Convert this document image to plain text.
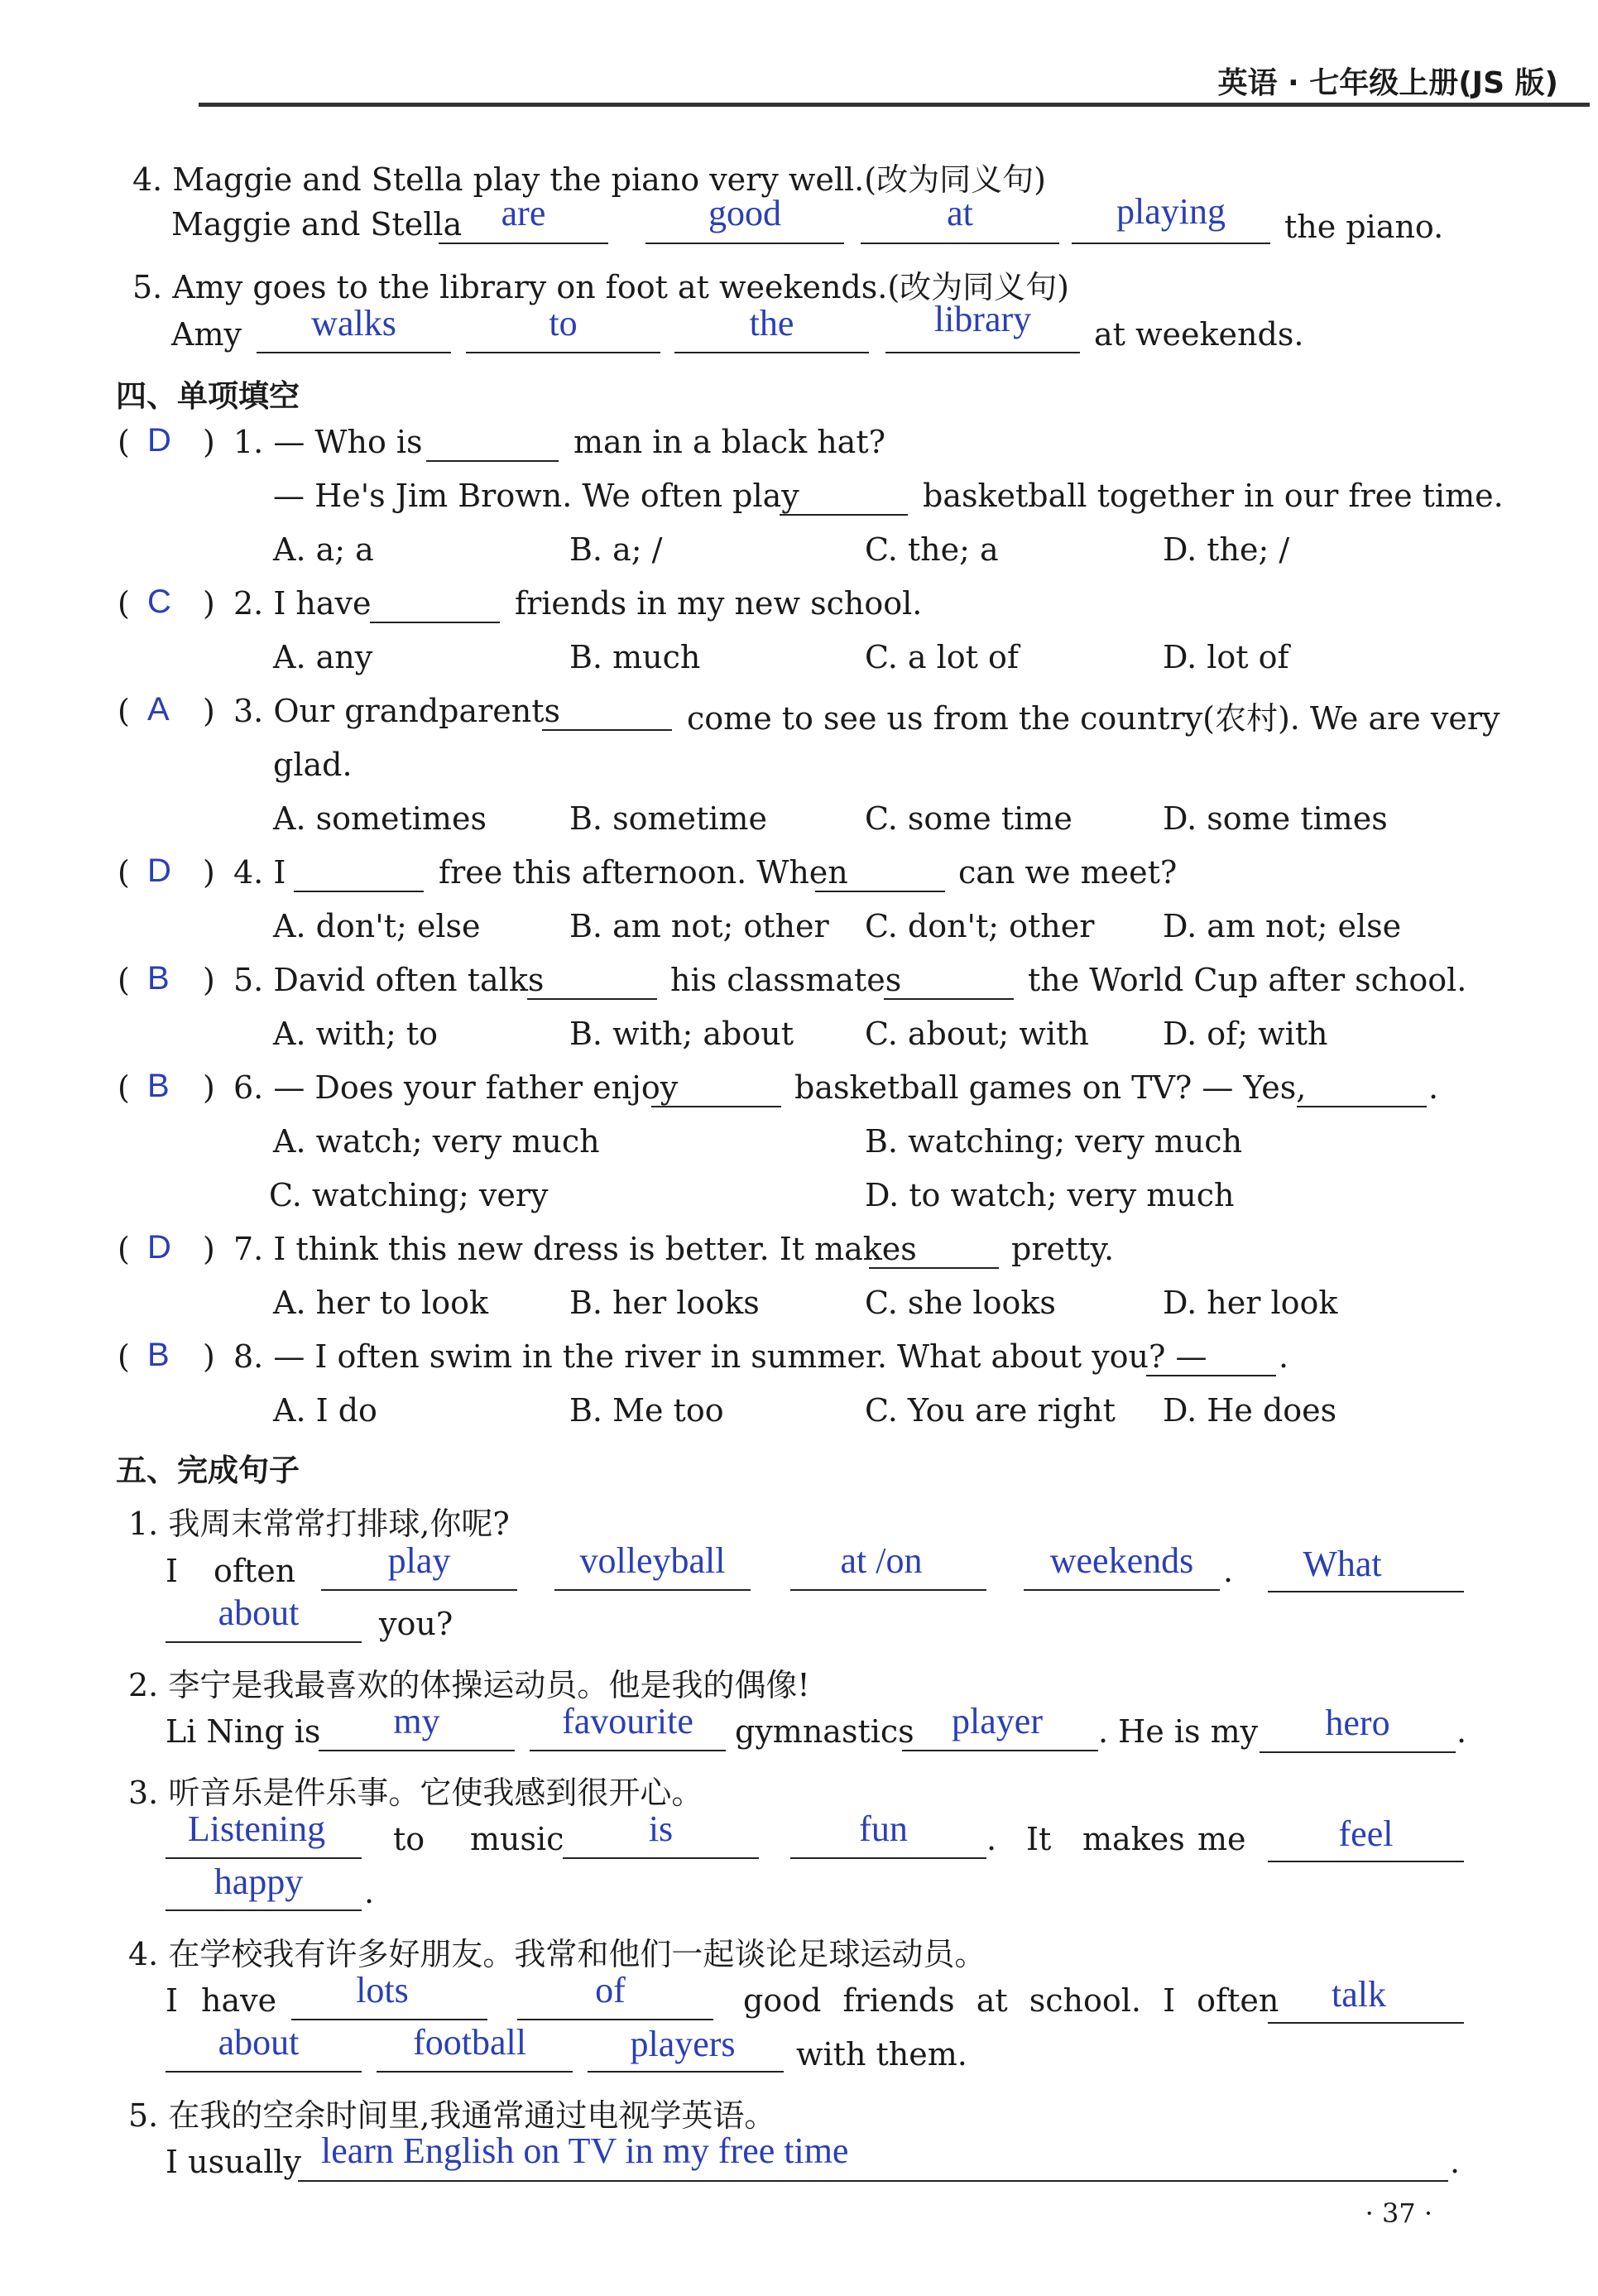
英语 · 七年级上册(JS 版)
4. Maggie and Stella play the piano very well.(改为同义句)
Maggie and Stella	are	good	at	playing	the piano.
5. Amy goes to the library on foot at weekends.(改为同义句)
Amy	walks	to	the	library	at weekends.
四、单项填空
( D ) 1. — Who is	man in a black hat?
— He's Jim Brown. We often play	basketball together in our free time.
A. a; a	B. a; /	C. the; a	D. the; /
( C ) 2. I have	friends in my new school.
A. any	B. much	C. a lot of	D. lot of
( A ) 3. Our grandparents	come to see us from the country(农村). We are very
glad.
A. sometimes	B. sometime	C. some time	D. some times
( D ) 4. I	free this afternoon. When	can we meet?
A. don't; else	B. am not; other C. don't; other D. am not; else
( B ) 5. David often talks	his classmates	the World Cup after school.
A. with; to	B. with; about C. about; with D. of; with
( B ) 6. — Does your father enjoy	basketball games on TV? — Yes,	.
A. watch; very much	B. watching; very much
C. watching; very	D. to watch; very much
( D ) 7. I think this new dress is better. It makes	pretty.
A. her to look	B. her looks	C. she looks	D. her look
( B ) 8. — I often swim in the river in summer. What about you? — .
A. I do	B. Me too	C. You are right D. He does
五、完成句子
1. 我周末常常打排球,你呢?
I often	play	volleyball	at /on	weekends .	What
about	you?
2. 李宁是我最喜欢的体操运动员。他是我的偶像!
Li Ning is	my	favourite	gymnastics	player	. He is my	hero	.
3. 听音乐是件乐事。它使我感到很开心。
Listening	to music	is	fun	. It makes me	feel
happy	.
4. 在学校我有许多好朋友。我常和他们一起谈论足球运动员。
I have	lots	of	good friends at school. I often	talk
about	football	players	with them.
5. 在我的空余时间里,我通常通过电视学英语。
I usually learn English on TV in my free time	.
· 37 ·
